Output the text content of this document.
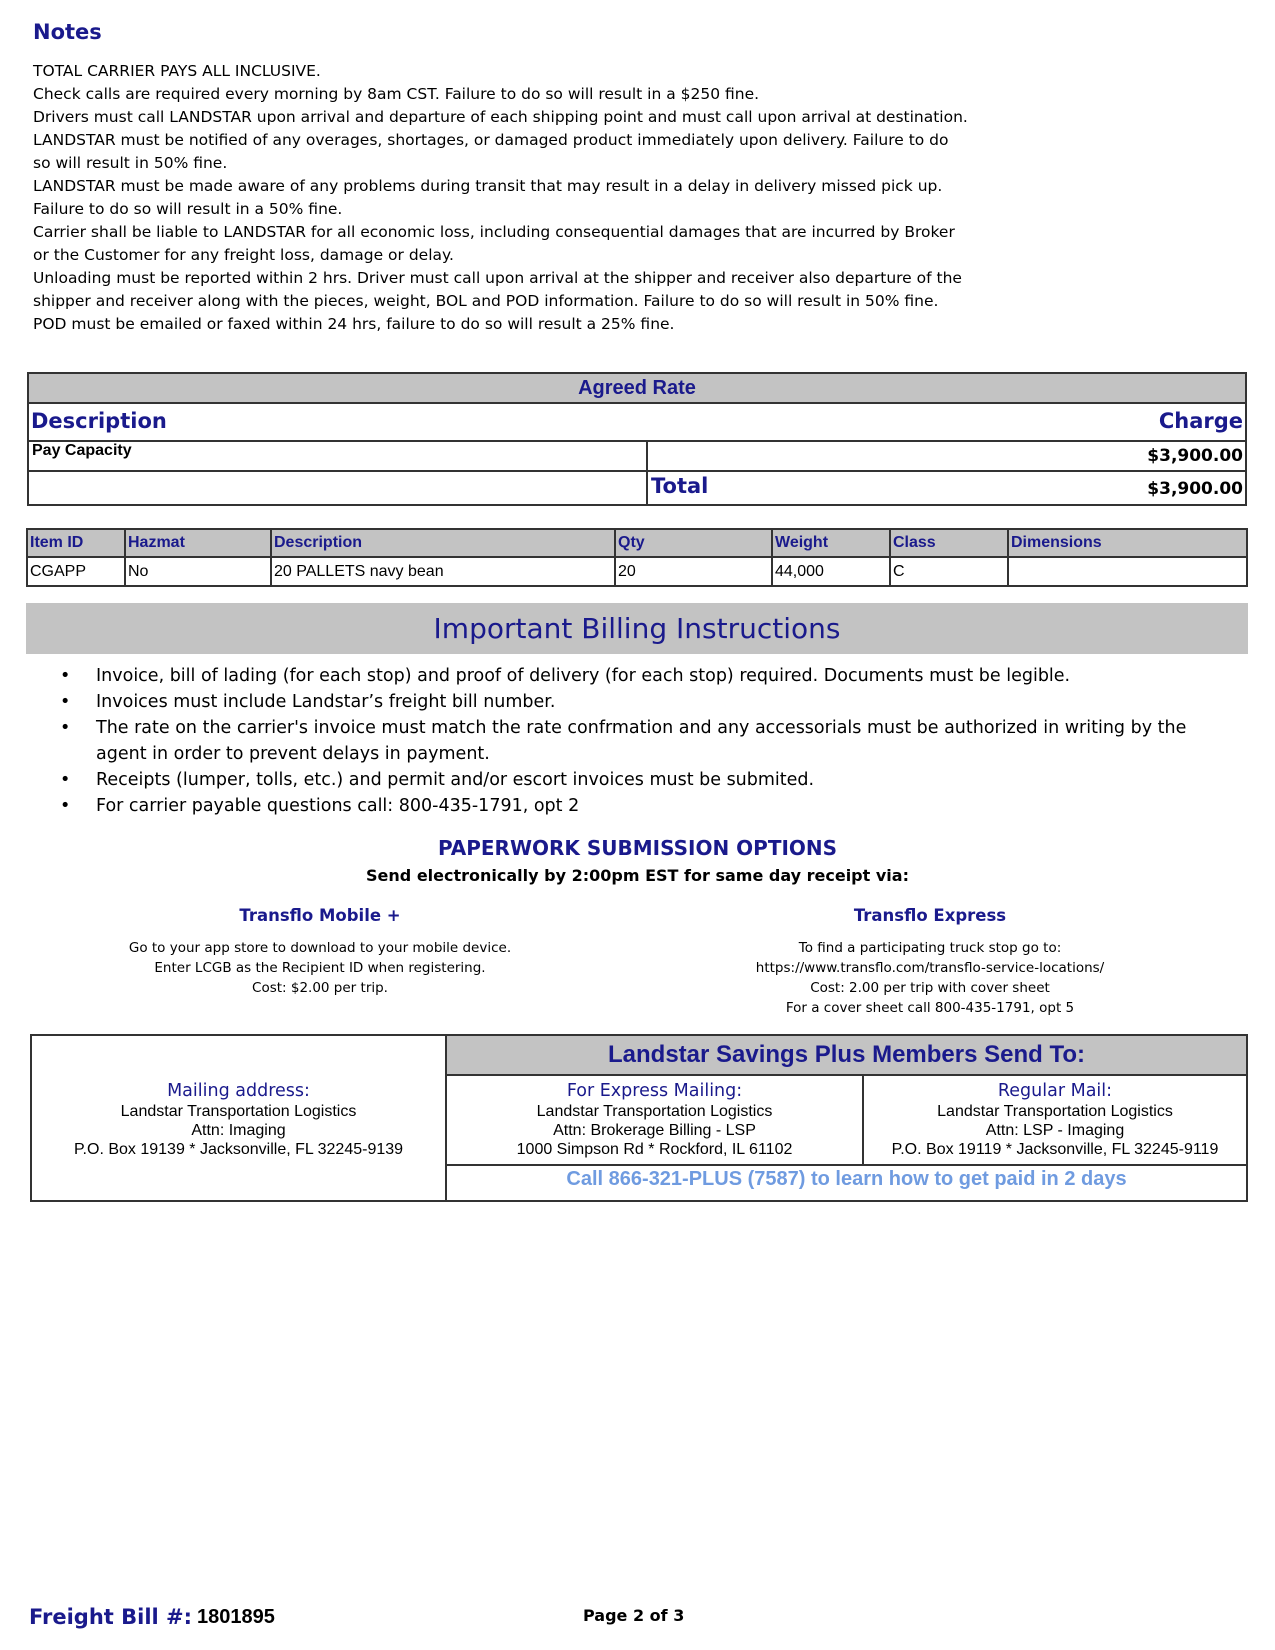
Notes
TOTAL CARRIER PAYS ALL INCLUSIVE.
Check calls are required every morning by 8am CST. Failure to do so will result in a $250 fine.
Drivers must call LANDSTAR upon arrival and departure of each shipping point and must call upon arrival at destination.
LANDSTAR must be notified of any overages, shortages, or damaged product immediately upon delivery. Failure to do
so will result in 50% fine.
LANDSTAR must be made aware of any problems during transit that may result in a delay in delivery missed pick up.
Failure to do so will result in a 50% fine.
Carrier shall be liable to LANDSTAR for all economic loss, including consequential damages that are incurred by Broker
or the Customer for any freight loss, damage or delay.
Unloading must be reported within 2 hrs. Driver must call upon arrival at the shipper and receiver also departure of the
shipper and receiver along with the pieces, weight, BOL and POD information. Failure to do so will result in 50% fine.
POD must be emailed or faxed within 24 hrs, failure to do so will result a 25% fine.
Agreed Rate
Description	Charge
Pay Capacity	$3,900.00
Total	$3,900.00
Item ID	Hazmat	Description	Qty	Weight	Class	Dimensions
CGAPP	No	20 PALLETS navy bean	20	44,000	C	
Important Billing Instructions
• Invoice, bill of lading (for each stop) and proof of delivery (for each stop) required. Documents must be legible.
• Invoices must include Landstar’s freight bill number.
• The rate on the carrier's invoice must match the rate confrmation and any accessorials must be authorized in writing by the agent in order to prevent delays in payment.
• Receipts (lumper, tolls, etc.) and permit and/or escort invoices must be submited.
• For carrier payable questions call: 800-435-1791, opt 2
PAPERWORK SUBMISSION OPTIONS
Send electronically by 2:00pm EST for same day receipt via:
Transflo Mobile +
Go to your app store to download to your mobile device.
Enter LCGB as the Recipient ID when registering.
Cost: $2.00 per trip.
Transflo Express
To find a participating truck stop go to:
https://www.transflo.com/transflo-service-locations/
Cost: 2.00 per trip with cover sheet
For a cover sheet call 800-435-1791, opt 5
Landstar Savings Plus Members Send To:
Mailing address:
Landstar Transportation Logistics
Attn: Imaging
P.O. Box 19139 * Jacksonville, FL 32245-9139
For Express Mailing:
Landstar Transportation Logistics
Attn: Brokerage Billing - LSP
1000 Simpson Rd * Rockford, IL 61102
Regular Mail:
Landstar Transportation Logistics
Attn: LSP - Imaging
P.O. Box 19119 * Jacksonville, FL 32245-9119
Call 866-321-PLUS (7587) to learn how to get paid in 2 days
Freight Bill #: 1801895	Page 2 of 3
